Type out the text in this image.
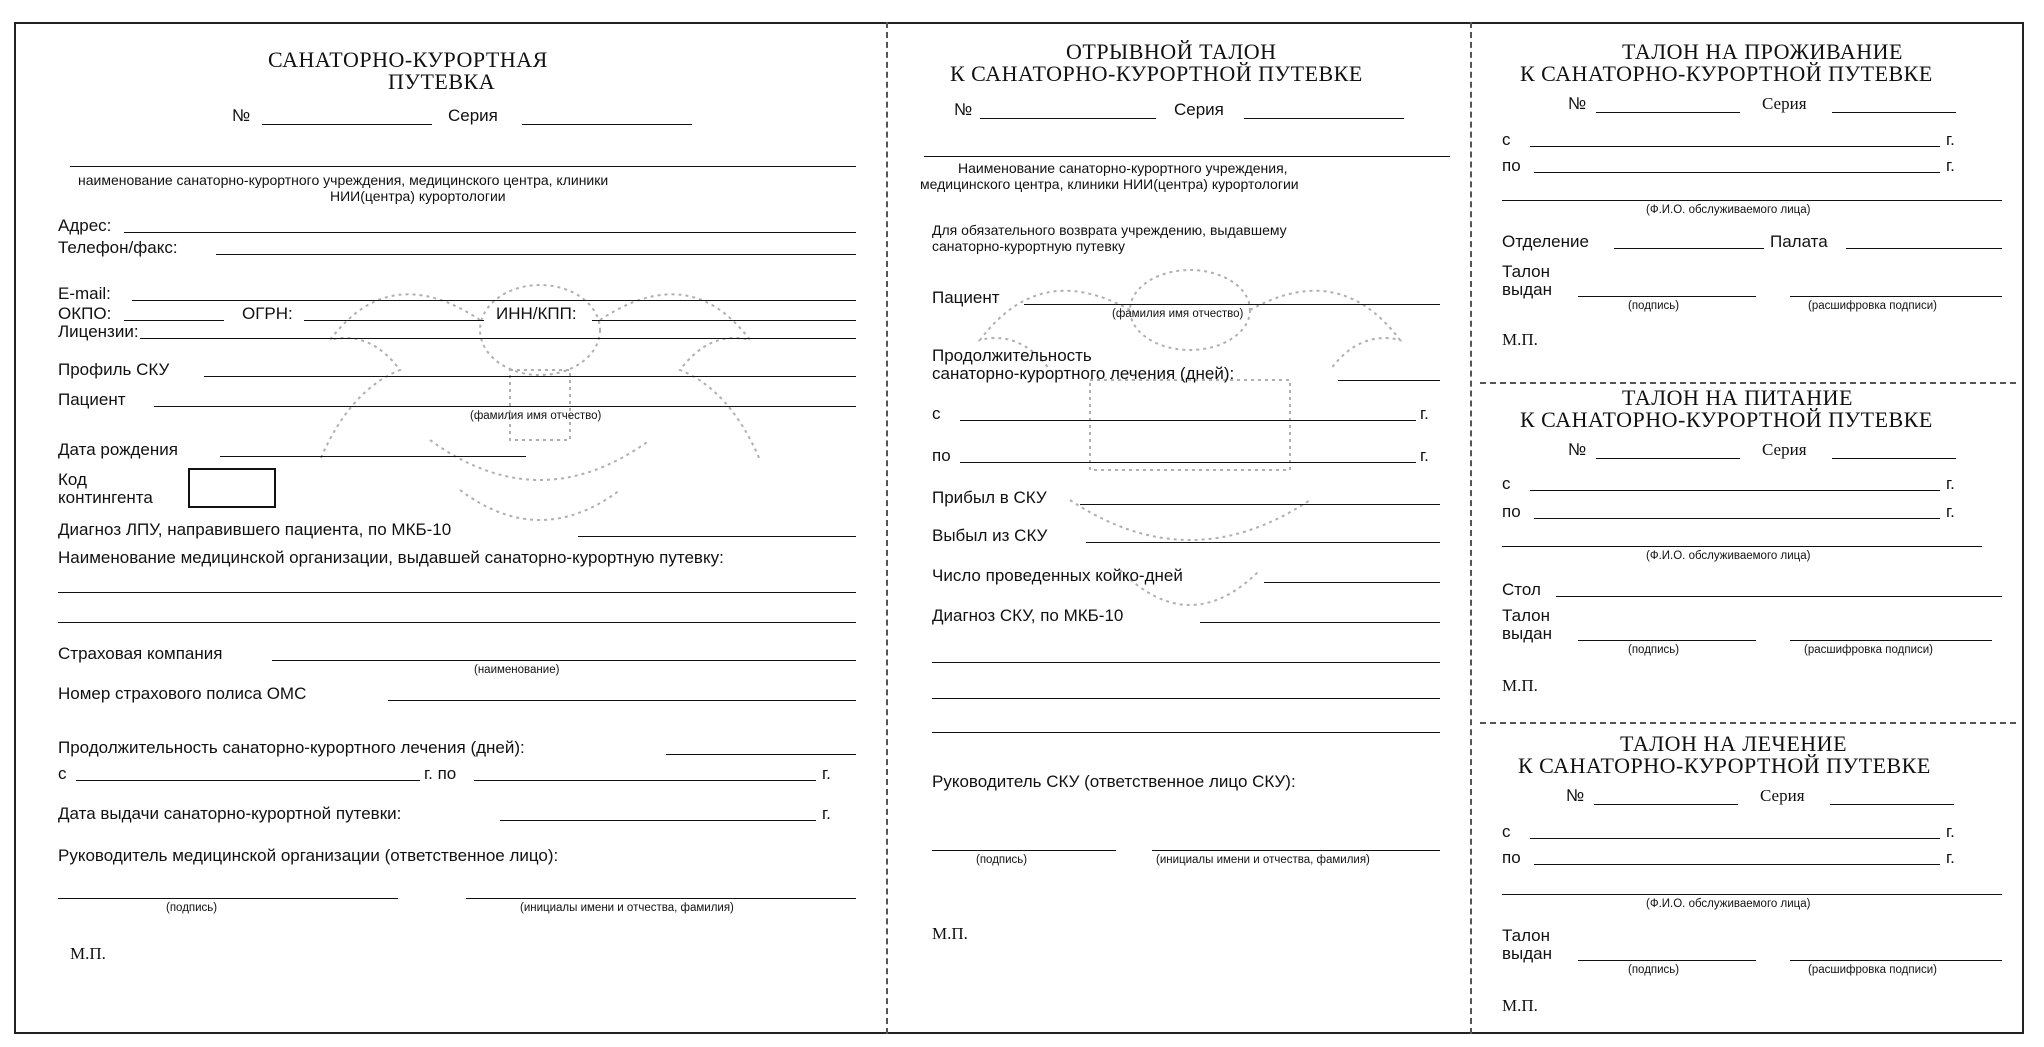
САНАТОРНО-КУРОРТНАЯ
ПУТЕВКА
№	Серия
наименование санаторно-курортного учреждения, медицинского центра, клиники
НИИ(центра) курортологии
Адрес:
Телефон/факс:
E-mail:
ОКПО:	ОГРН:	ИНН/КПП:
Лицензии:
Профиль СКУ
Пациент
(фамилия имя отчество)
Дата рождения
Код
контингента
Диагноз ЛПУ, направившего пациента, по МКБ-10
Наименование медицинской организации, выдавшей санаторно-курортную путевку:
Страховая компания
(наименование)
Номер страхового полиса ОМС
Продолжительность санаторно-курортного лечения (дней):
с	г. по	г.
Дата выдачи санаторно-курортной путевки:	г.
Руководитель медицинской организации (ответственное лицо):
(подпись)	(инициалы имени и отчества, фамилия)
М.П.
ОТРЫВНОЙ ТАЛОН
К САНАТОРНО-КУРОРТНОЙ ПУТЕВКЕ
№	Серия
Наименование санаторно-курортного учреждения,
медицинского центра, клиники НИИ(центра) курортологии
Для обязательного возврата учреждению, выдавшему
санаторно-курортную путевку
Пациент
(фамилия имя отчество)
Продолжительность
санаторно-курортного лечения (дней):
с	г.
по	г.
Прибыл в СКУ
Выбыл из СКУ
Число проведенных койко-дней
Диагноз СКУ, по МКБ-10
Руководитель СКУ (ответственное лицо СКУ):
(подпись)	(инициалы имени и отчества, фамилия)
М.П.
ТАЛОН НА ПРОЖИВАНИЕ
К САНАТОРНО-КУРОРТНОЙ ПУТЕВКЕ
№	Серия
с	г.
по	г.
(Ф.И.О. обслуживаемого лица)
Отделение	Палата
Талон
выдан
(подпись)	(расшифровка подписи)
М.П.
ТАЛОН НА ПИТАНИЕ
К САНАТОРНО-КУРОРТНОЙ ПУТЕВКЕ
№	Серия
с	г.
по	г.
(Ф.И.О. обслуживаемого лица)
Стол
Талон
выдан
(подпись)	(расшифровка подписи)
М.П.
ТАЛОН НА ЛЕЧЕНИЕ
К САНАТОРНО-КУРОРТНОЙ ПУТЕВКЕ
№	Серия
с	г.
по	г.
(Ф.И.О. обслуживаемого лица)
Талон
выдан
(подпись)	(расшифровка подписи)
М.П.
